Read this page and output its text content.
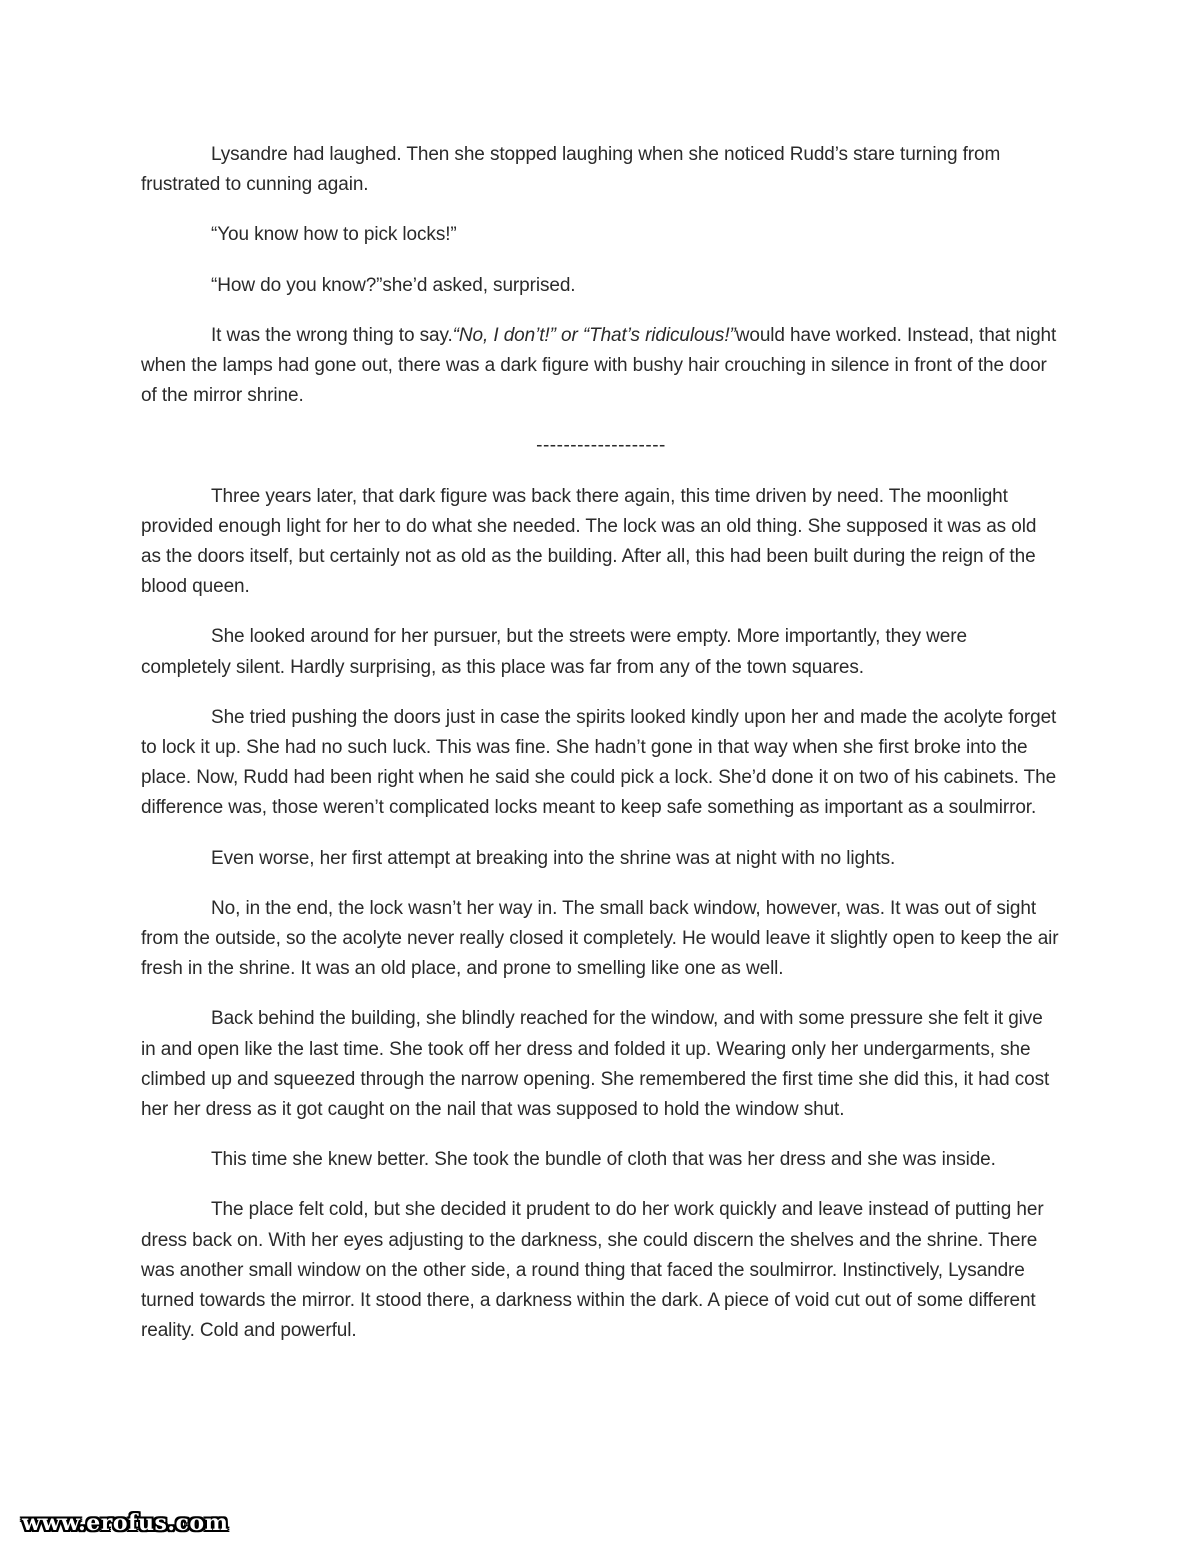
Lysandre had laughed. Then she stopped laughing when she noticed Rudd’s stare turning from frustrated to cunning again.

“You know how to pick locks!”

“How do you know?”she’d asked, surprised.

It was the wrong thing to say.“No, I don’t!” or “That’s ridiculous!”would have worked. Instead, that night when the lamps had gone out, there was a dark figure with bushy hair crouching in silence in front of the door of the mirror shrine.

-------------------

Three years later, that dark figure was back there again, this time driven by need. The moonlight provided enough light for her to do what she needed. The lock was an old thing. She supposed it was as old as the doors itself, but certainly not as old as the building. After all, this had been built during the reign of the blood queen.

She looked around for her pursuer, but the streets were empty. More importantly, they were completely silent. Hardly surprising, as this place was far from any of the town squares.

She tried pushing the doors just in case the spirits looked kindly upon her and made the acolyte forget to lock it up. She had no such luck. This was fine. She hadn’t gone in that way when she first broke into the place. Now, Rudd had been right when he said she could pick a lock. She’d done it on two of his cabinets. The difference was, those weren’t complicated locks meant to keep safe something as important as a soulmirror.

Even worse, her first attempt at breaking into the shrine was at night with no lights.

No, in the end, the lock wasn’t her way in. The small back window, however, was. It was out of sight from the outside, so the acolyte never really closed it completely. He would leave it slightly open to keep the air fresh in the shrine. It was an old place, and prone to smelling like one as well.

Back behind the building, she blindly reached for the window, and with some pressure she felt it give in and open like the last time. She took off her dress and folded it up. Wearing only her undergarments, she climbed up and squeezed through the narrow opening. She remembered the first time she did this, it had cost her her dress as it got caught on the nail that was supposed to hold the window shut.

This time she knew better. She took the bundle of cloth that was her dress and she was inside.

The place felt cold, but she decided it prudent to do her work quickly and leave instead of putting her dress back on. With her eyes adjusting to the darkness, she could discern the shelves and the shrine. There was another small window on the other side, a round thing that faced the soulmirror. Instinctively, Lysandre turned towards the mirror. It stood there, a darkness within the dark. A piece of void cut out of some different reality. Cold and powerful.

www.erofus.com
